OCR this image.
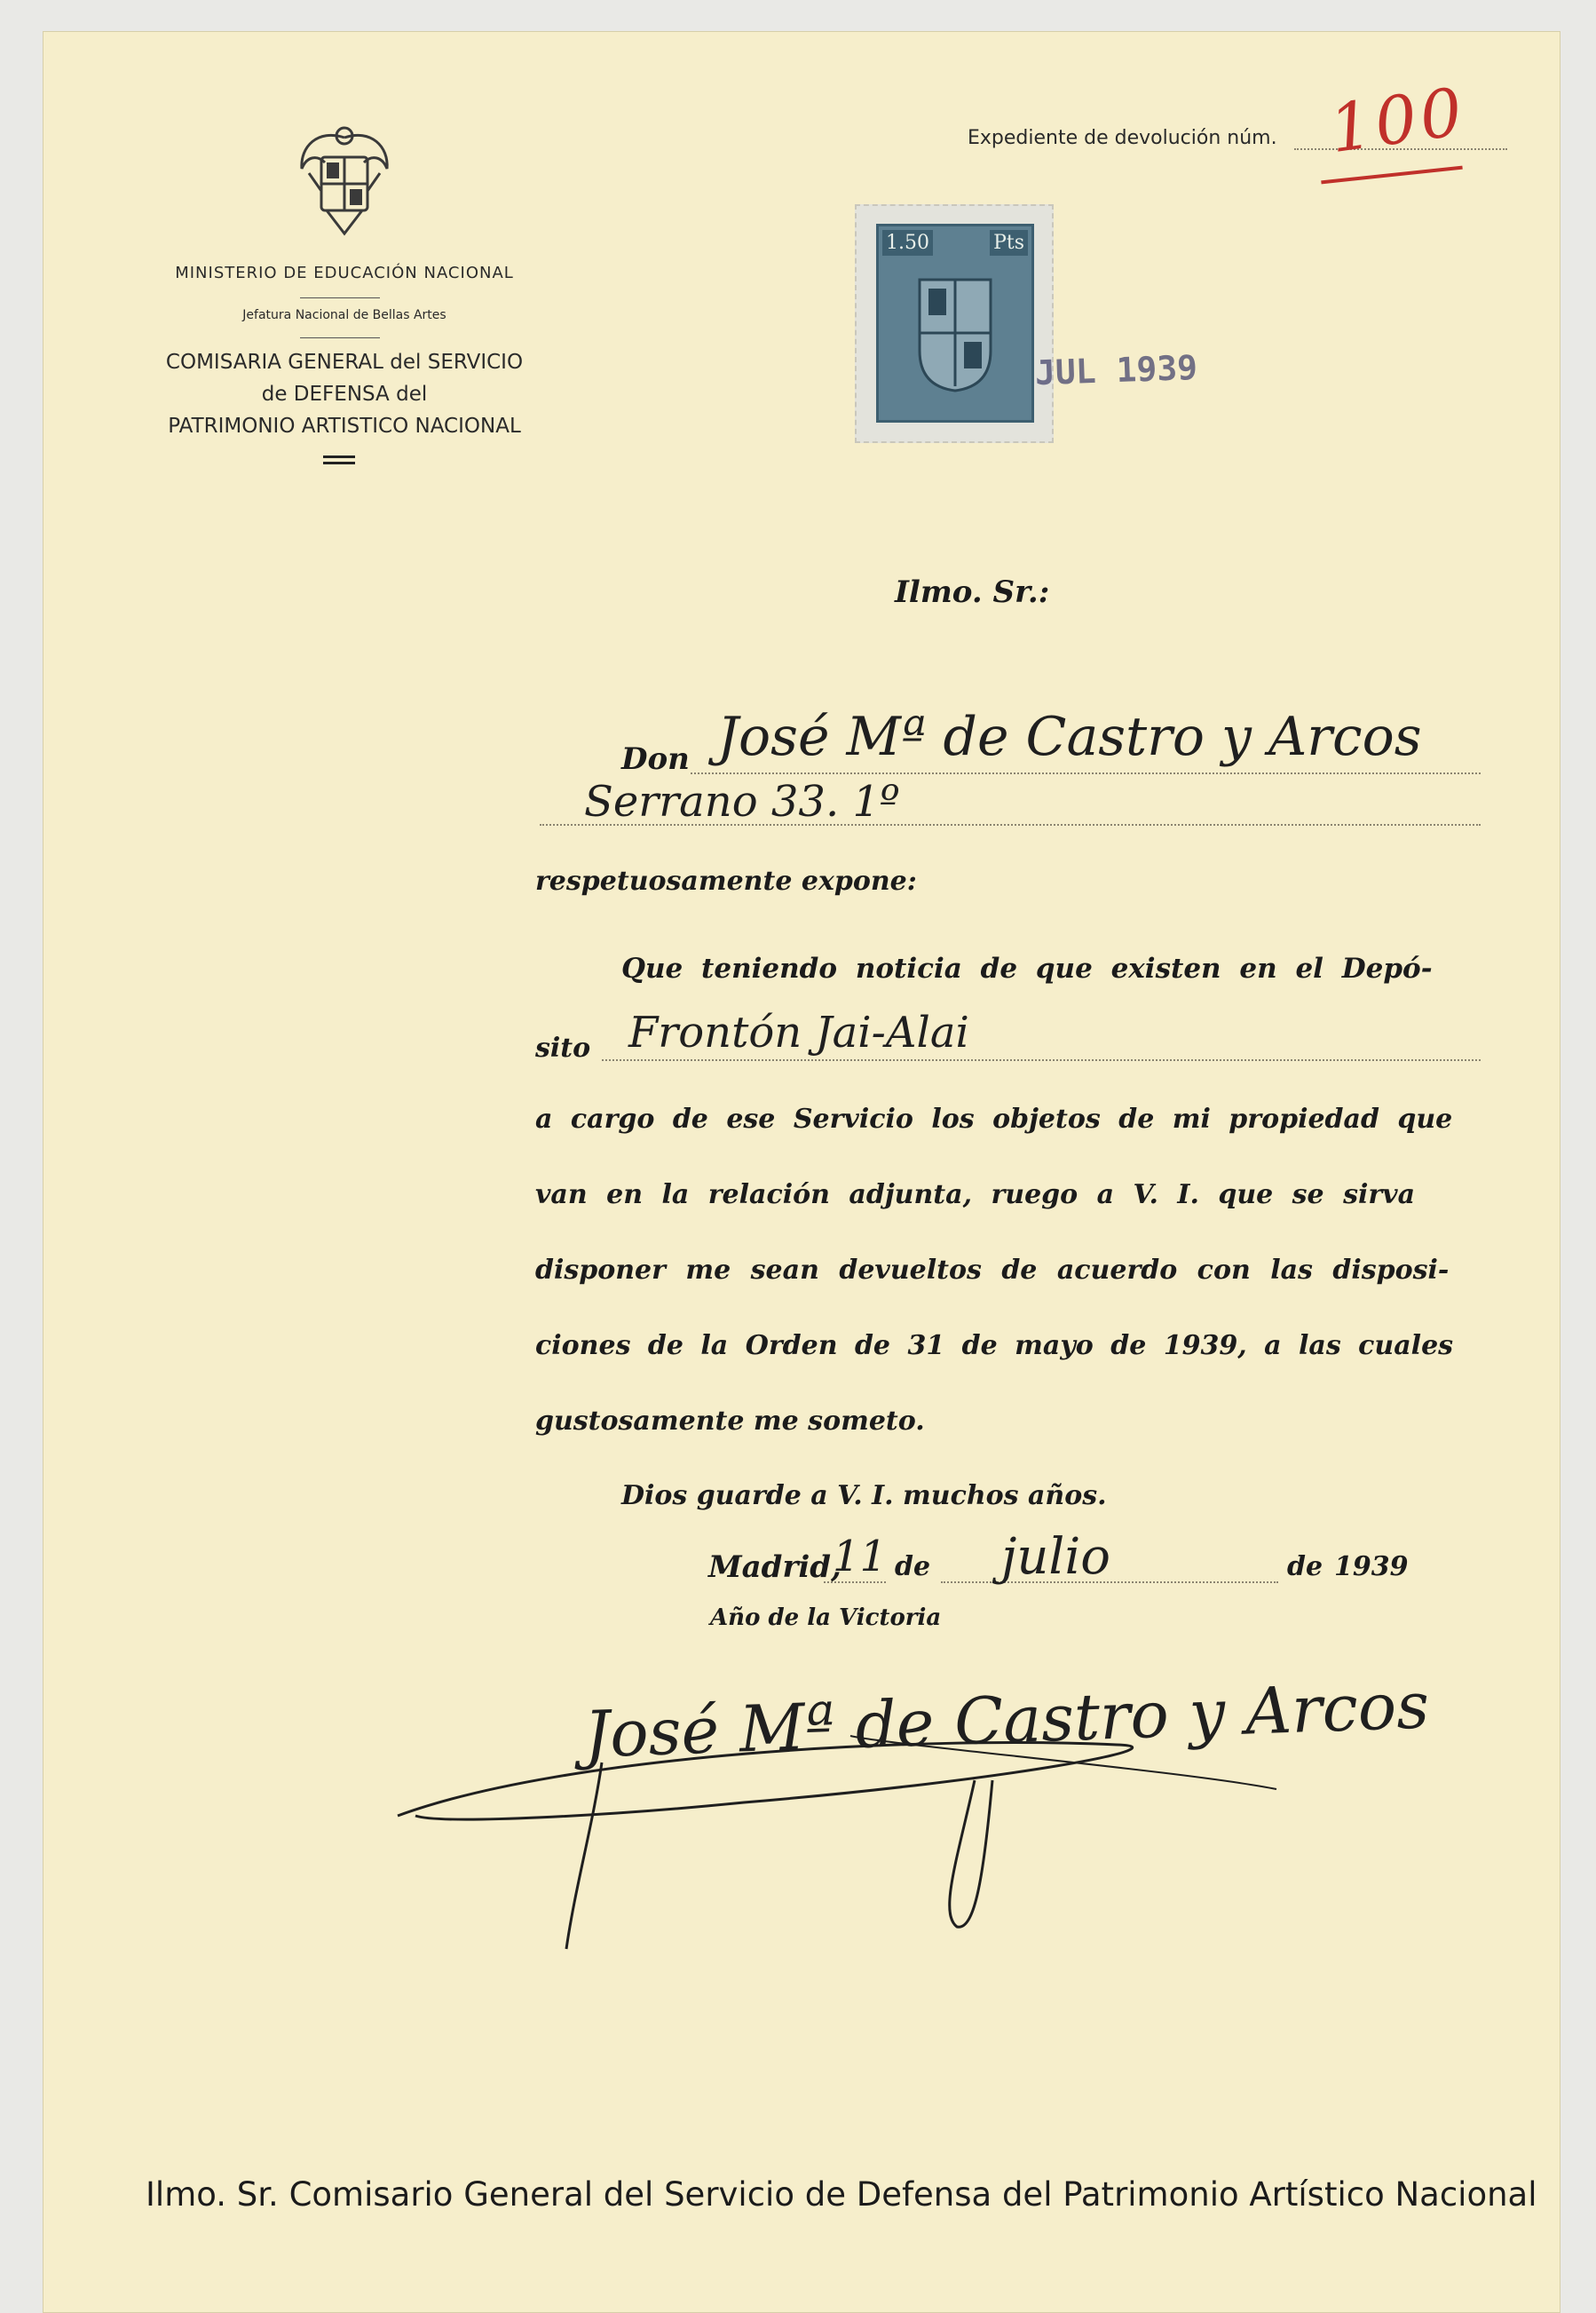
MINISTERIO DE EDUCACIÓN NACIONAL
Jefatura Nacional de Bellas Artes
COMISARIA GENERAL del SERVICIO
de DEFENSA del
PATRIMONIO ARTISTICO NACIONAL
Expediente de devolución núm. 100
1.50	Pts
JUL 1939
Ilmo. Sr.:
Don José Mª de Castro y Arcos
Serrano 33. 1º
respetuosamente expone:
Que teniendo noticia de que existen en el Depó-
sito Frontón Jai-Alai
a cargo de ese Servicio los objetos de mi propiedad que
van en la relación adjunta, ruego a V. I. que se sirva
disponer me sean devueltos de acuerdo con las disposi-
ciones de la Orden de 31 de mayo de 1939, a las cuales
gustosamente me someto.
Dios guarde a V. I. muchos años.
Madrid,
11 de julio	de 1939
Año de la Victoria
José Mª de Castro y Arcos
Ilmo. Sr. Comisario General del Servicio de Defensa del Patrimonio Artístico Nacional
